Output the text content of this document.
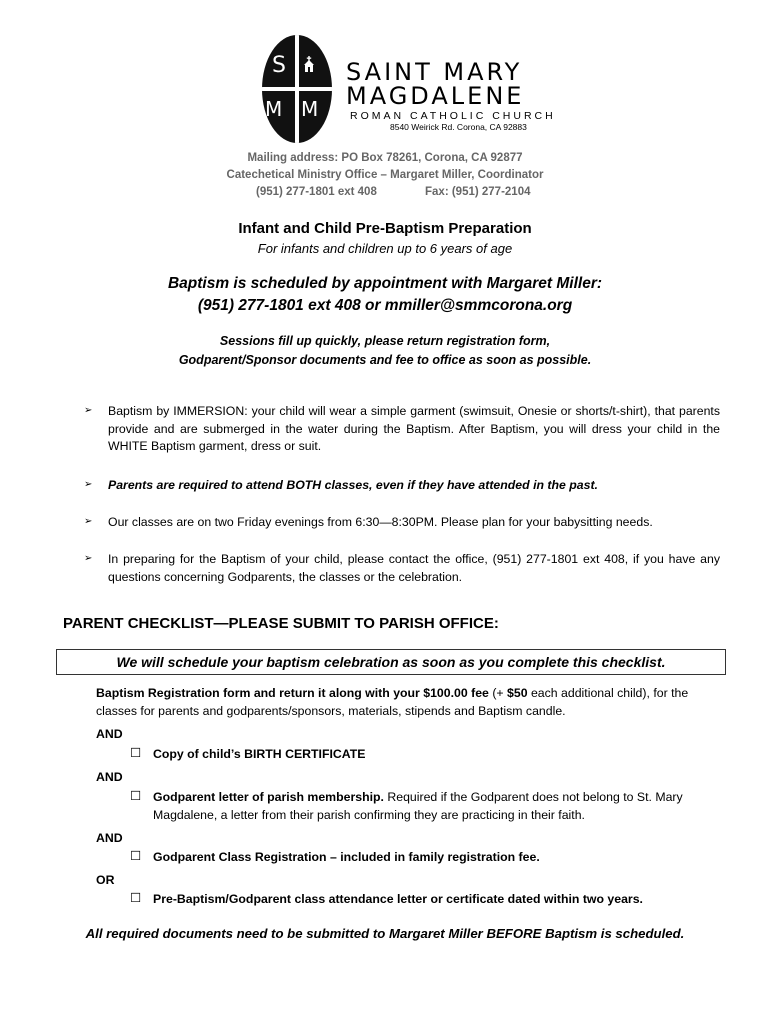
S
M M
SAINT MARY
MAGDALENE
ROMAN CATHOLIC CHURCH
8540 Weirick Rd. Corona, CA 92883
Mailing address: PO Box 78261, Corona, CA 92877
Catechetical Ministry Office – Margaret Miller, Coordinator
(951) 277-1801 ext 408	Fax: (951) 277-2104
Infant and Child Pre-Baptism Preparation
For infants and children up to 6 years of age
Baptism is scheduled by appointment with Margaret Miller:
(951) 277-1801 ext 408 or mmiller@smmcorona.org
Sessions fill up quickly, please return registration form,
Godparent/Sponsor documents and fee to office as soon as possible.
➢ Baptism by IMMERSION: your child will wear a simple garment (swimsuit, Onesie or shorts/t-shirt), that parents provide and are submerged in the water during the Baptism. After Baptism, you will dress your child in the WHITE Baptism garment, dress or suit.
➢ Parents are required to attend BOTH classes, even if they have attended in the past.
➢ Our classes are on two Friday evenings from 6:30—8:30PM. Please plan for your babysitting needs.
➢ In preparing for the Baptism of your child, please contact the office, (951) 277-1801 ext 408, if you have any questions concerning Godparents, the classes or the celebration.
PARENT CHECKLIST—PLEASE SUBMIT TO PARISH OFFICE:
We will schedule your baptism celebration as soon as you complete this checklist.
Baptism Registration form and return it along with your $100.00 fee (+ $50 each additional child), for the classes for parents and godparents/sponsors, materials, stipends and Baptism candle.
AND
☐ Copy of child’s BIRTH CERTIFICATE
AND
☐ Godparent letter of parish membership. Required if the Godparent does not belong to St. Mary Magdalene, a letter from their parish confirming they are practicing in their faith.
AND
☐ Godparent Class Registration – included in family registration fee.
OR
☐ Pre-Baptism/Godparent class attendance letter or certificate dated within two years.
All required documents need to be submitted to Margaret Miller BEFORE Baptism is scheduled.
